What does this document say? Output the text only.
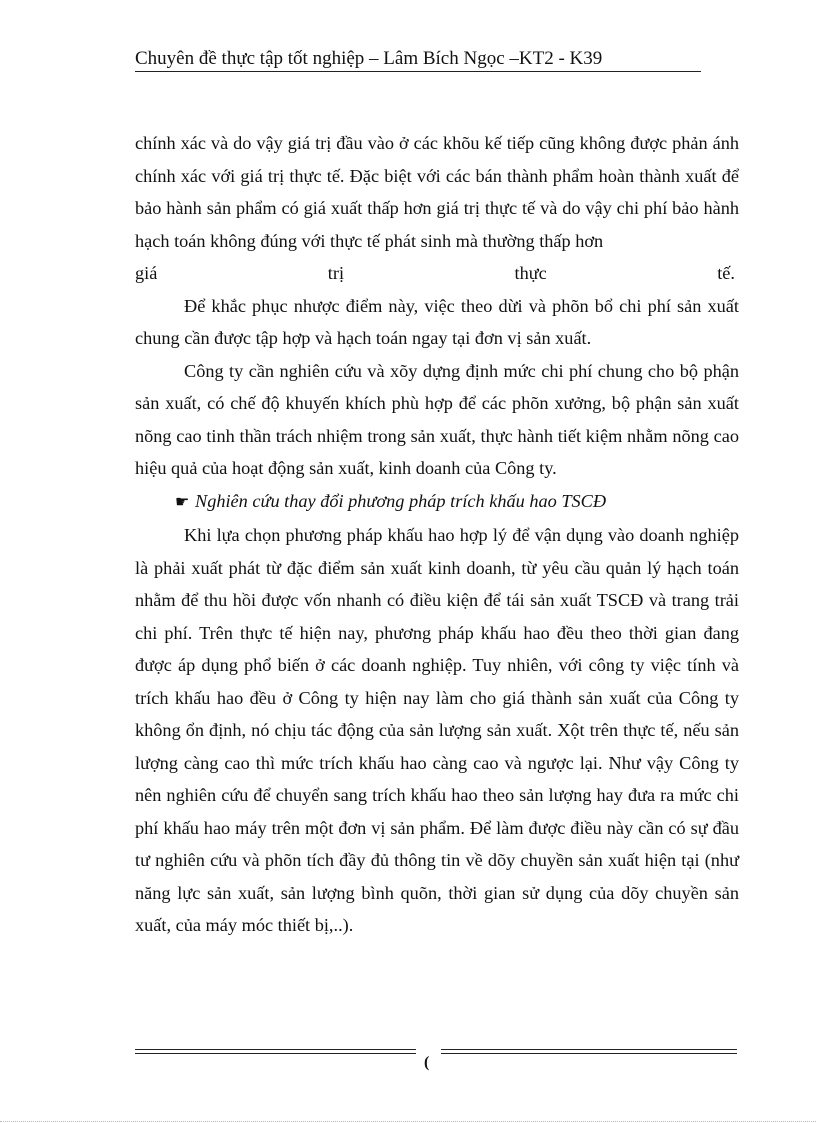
Chuyên đề thực tập tốt nghiệp – Lâm Bích Ngọc –KT2 - K39

chính xác và do vậy giá trị đầu vào ở các khõu kế tiếp cũng không được phản ánh chính xác với giá trị thực tế. Đặc biệt với các bán thành phẩm hoàn thành xuất để bảo hành sản phẩm có giá xuất thấp hơn giá trị thực tế và do vậy chi phí bảo hành hạch toán không đúng với thực tế phát sinh mà thường thấp hơn

giá	trị	thực	tế.

Để khắc phục nhược điểm này, việc theo dừi và phõn bổ chi phí sản xuất chung cần được tập hợp và hạch toán ngay tại đơn vị sản xuất.

Công ty cần nghiên cứu và xõy dựng định mức chi phí chung cho bộ phận sản xuất, có chế độ khuyến khích phù hợp để các phõn xưởng, bộ phận sản xuất nõng cao tinh thần trách nhiệm trong sản xuất, thực hành tiết kiệm nhằm nõng cao hiệu quả của hoạt động sản xuất, kinh doanh của Công ty.

☛ Nghiên cứu thay đổi phương pháp trích khấu hao TSCĐ

Khi lựa chọn phương pháp khấu hao hợp lý để vận dụng vào doanh nghiệp là phải xuất phát từ đặc điểm sản xuất kinh doanh, từ yêu cầu quản lý hạch toán nhằm để thu hồi được vốn nhanh có điều kiện để tái sản xuất TSCĐ và trang trải chi phí. Trên thực tế hiện nay, phương pháp khấu hao đều theo thời gian đang được áp dụng phổ biến ở các doanh nghiệp. Tuy nhiên, với công ty việc tính và trích khấu hao đều ở Công ty hiện nay làm cho giá thành sản xuất của Công ty không ổn định, nó chịu tác động của sản lượng sản xuất. Xột trên thực tế, nếu sản lượng càng cao thì mức trích khấu hao càng cao và ngược lại. Như vậy Công ty nên nghiên cứu để chuyển sang trích khấu hao theo sản lượng hay đưa ra mức chi phí khấu hao máy trên một đơn vị sản phẩm. Để làm được điều này cần có sự đầu tư nghiên cứu và phõn tích đầy đủ thông tin về dõy chuyền sản xuất hiện tại (như năng lực sản xuất, sản lượng bình quõn, thời gian sử dụng của dõy chuyền sản xuất, của máy móc thiết bị,..).

(
